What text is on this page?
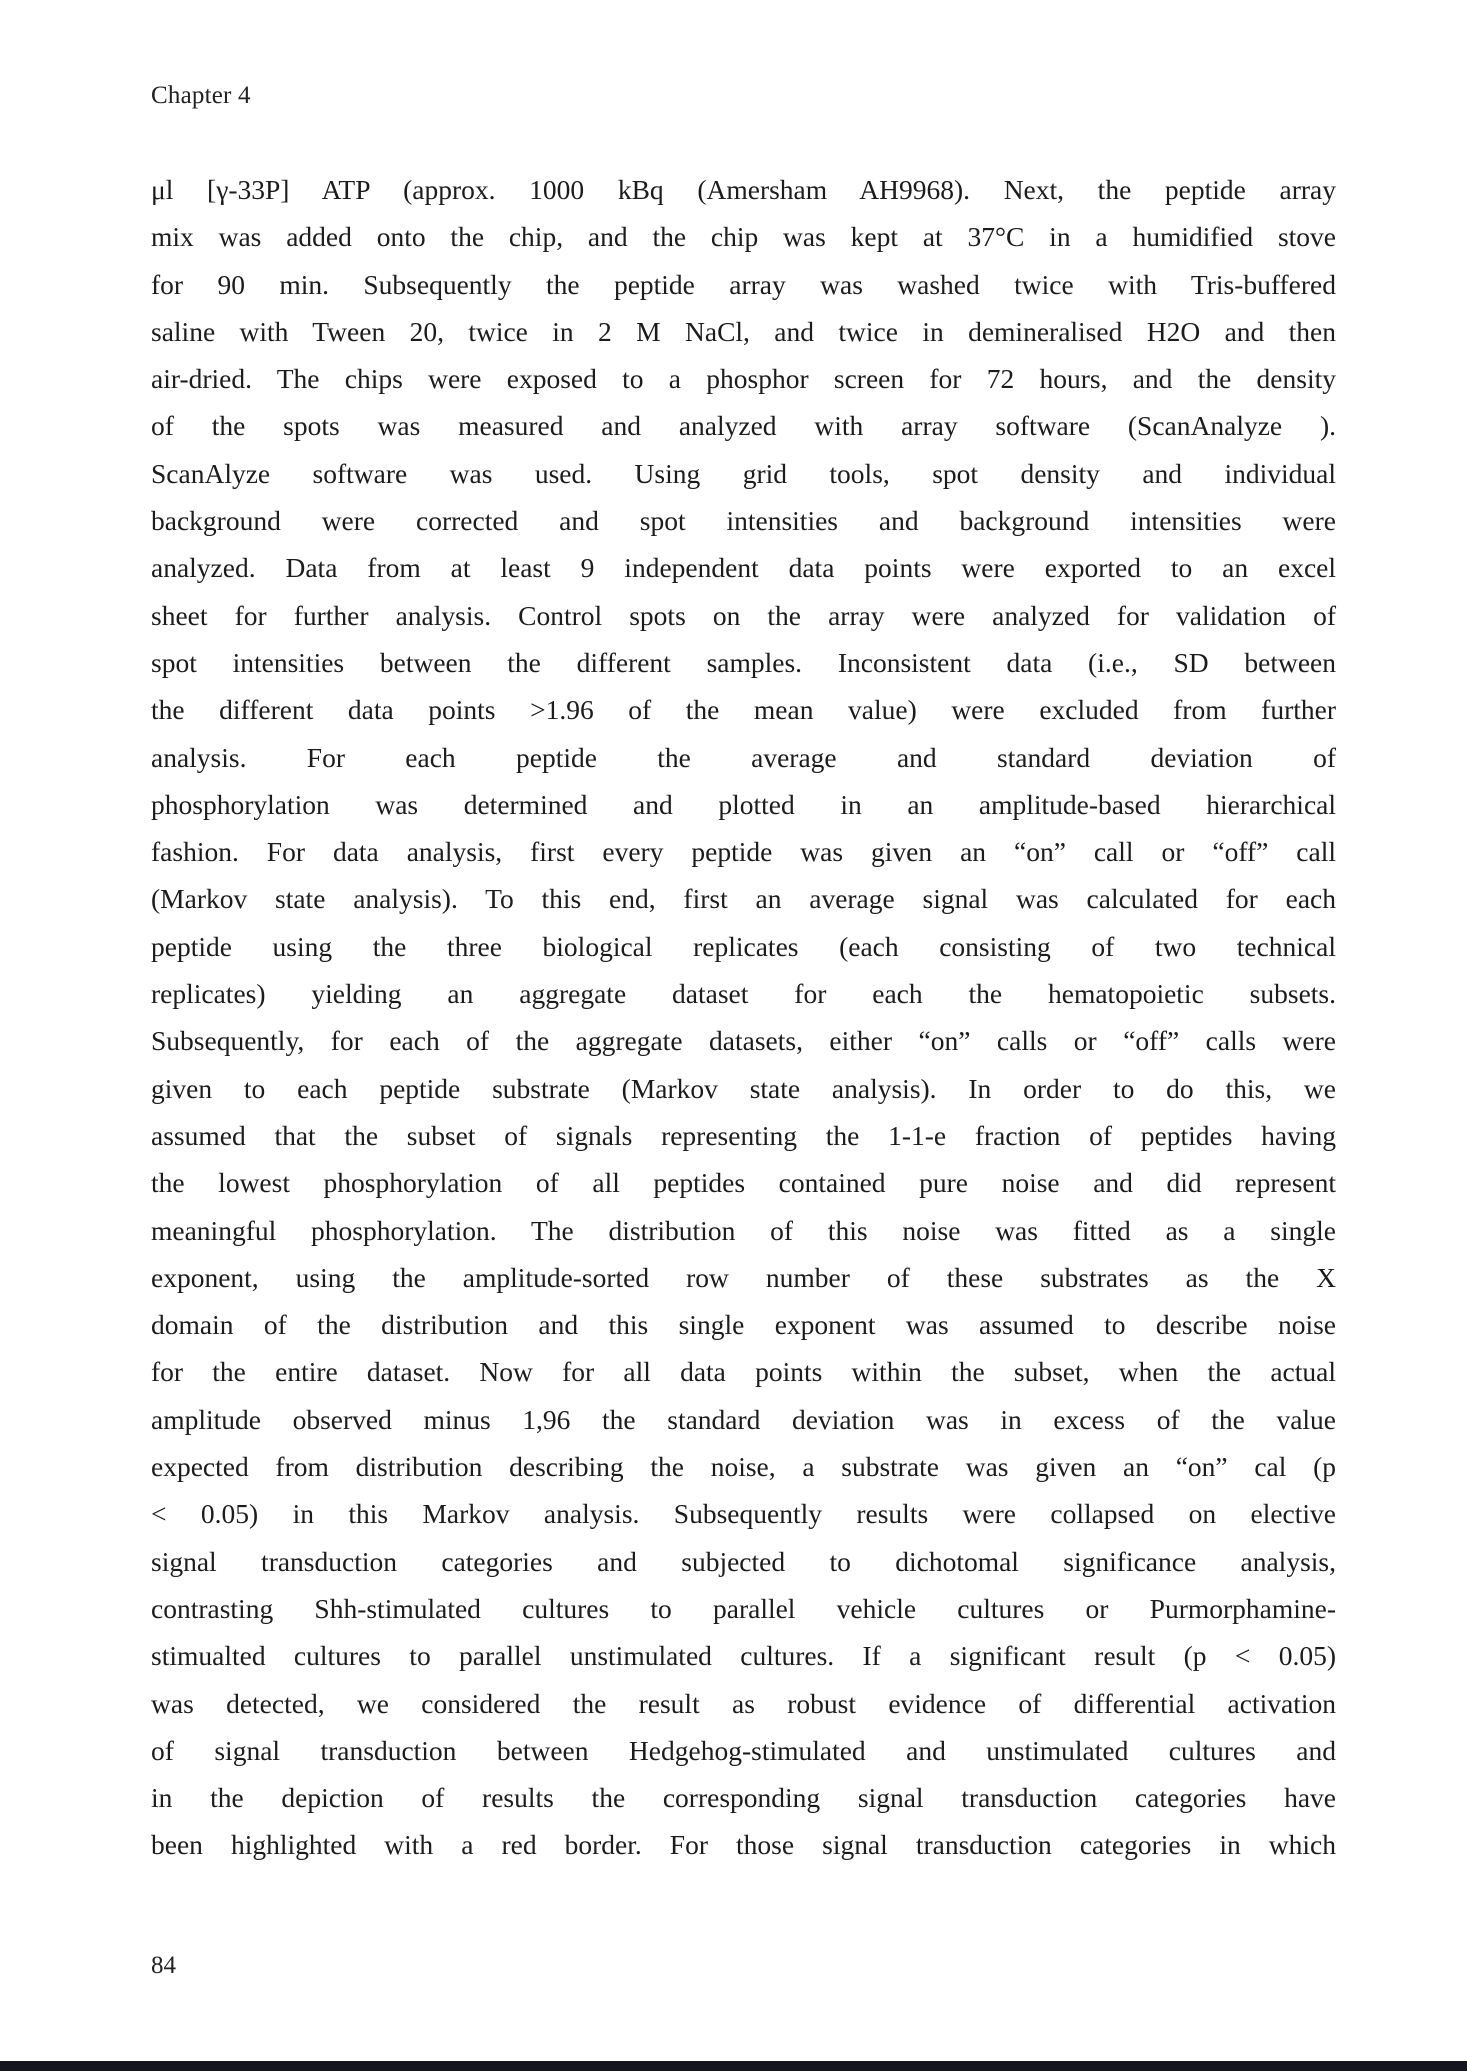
Chapter 4
μl [γ-33P] ATP (approx. 1000 kBq (Amersham AH9968). Next, the peptide array
mix was added onto the chip, and the chip was kept at 37°C in a humidified stove
for 90 min. Subsequently the peptide array was washed twice with Tris-buffered
saline with Tween 20, twice in 2 M NaCl, and twice in demineralised H2O and then
air-dried. The chips were exposed to a phosphor screen for 72 hours, and the density
of the spots was measured and analyzed with array software (ScanAnalyze ).
ScanAlyze software was used. Using grid tools, spot density and individual
background were corrected and spot intensities and background intensities were
analyzed. Data from at least 9 independent data points were exported to an excel
sheet for further analysis. Control spots on the array were analyzed for validation of
spot intensities between the different samples. Inconsistent data (i.e., SD between
the different data points >1.96 of the mean value) were excluded from further
analysis. For each peptide the average and standard deviation of
phosphorylation was determined and plotted in an amplitude-based hierarchical
fashion. For data analysis, first every peptide was given an “on” call or “off” call
(Markov state analysis). To this end, first an average signal was calculated for each
peptide using the three biological replicates (each consisting of two technical
replicates) yielding an aggregate dataset for each the hematopoietic subsets.
Subsequently, for each of the aggregate datasets, either “on” calls or “off” calls were
given to each peptide substrate (Markov state analysis). In order to do this, we
assumed that the subset of signals representing the 1-1-e fraction of peptides having
the lowest phosphorylation of all peptides contained pure noise and did represent
meaningful phosphorylation. The distribution of this noise was fitted as a single
exponent, using the amplitude-sorted row number of these substrates as the X
domain of the distribution and this single exponent was assumed to describe noise
for the entire dataset. Now for all data points within the subset, when the actual
amplitude observed minus 1,96 the standard deviation was in excess of the value
expected from distribution describing the noise, a substrate was given an “on” cal (p
< 0.05) in this Markov analysis. Subsequently results were collapsed on elective
signal transduction categories and subjected to dichotomal significance analysis,
contrasting Shh-stimulated cultures to parallel vehicle cultures or Purmorphamine-
stimualted cultures to parallel unstimulated cultures. If a significant result (p < 0.05)
was detected, we considered the result as robust evidence of differential activation
of signal transduction between Hedgehog-stimulated and unstimulated cultures and
in the depiction of results the corresponding signal transduction categories have
been highlighted with a red border. For those signal transduction categories in which
84
